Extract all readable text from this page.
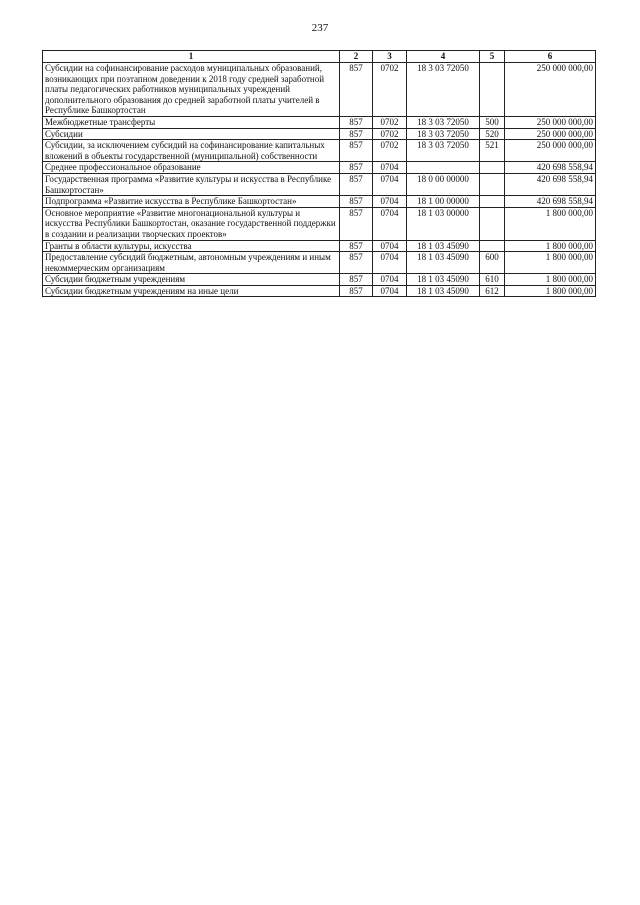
237
1	2	3	4	5	6
Субсидии на софинансирование расходов муниципальных образований, возникающих при поэтапном доведении к 2018 году средней заработной платы педагогических работников муниципальных учреждений дополнительного образования до средней заработной платы учителей в Республике Башкортостан	857	0702	18 3 03 72050		250 000 000,00
Межбюджетные трансферты	857	0702	18 3 03 72050	500	250 000 000,00
Субсидии	857	0702	18 3 03 72050	520	250 000 000,00
Субсидии, за исключением субсидий на софинансирование капитальных вложений в объекты государственной (муниципальной) собственности	857	0702	18 3 03 72050	521	250 000 000,00
Среднее профессиональное образование	857	0704			420 698 558,94
Государственная программа «Развитие культуры и искусства в Республике Башкортостан»	857	0704	18 0 00 00000		420 698 558,94
Подпрограмма «Развитие искусства в Республике Башкортостан»	857	0704	18 1 00 00000		420 698 558,94
Основное мероприятие «Развитие многонациональной культуры и искусства Республики Башкортостан, оказание государственной поддержки в создании и реализации творческих проектов»	857	0704	18 1 03 00000		1 800 000,00
Гранты в области культуры, искусства	857	0704	18 1 03 45090		1 800 000,00
Предоставление субсидий бюджетным, автономным учреждениям и иным некоммерческим организациям	857	0704	18 1 03 45090	600	1 800 000,00
Субсидии бюджетным учреждениям	857	0704	18 1 03 45090	610	1 800 000,00
Субсидии бюджетным учреждениям на иные цели	857	0704	18 1 03 45090	612	1 800 000,00
